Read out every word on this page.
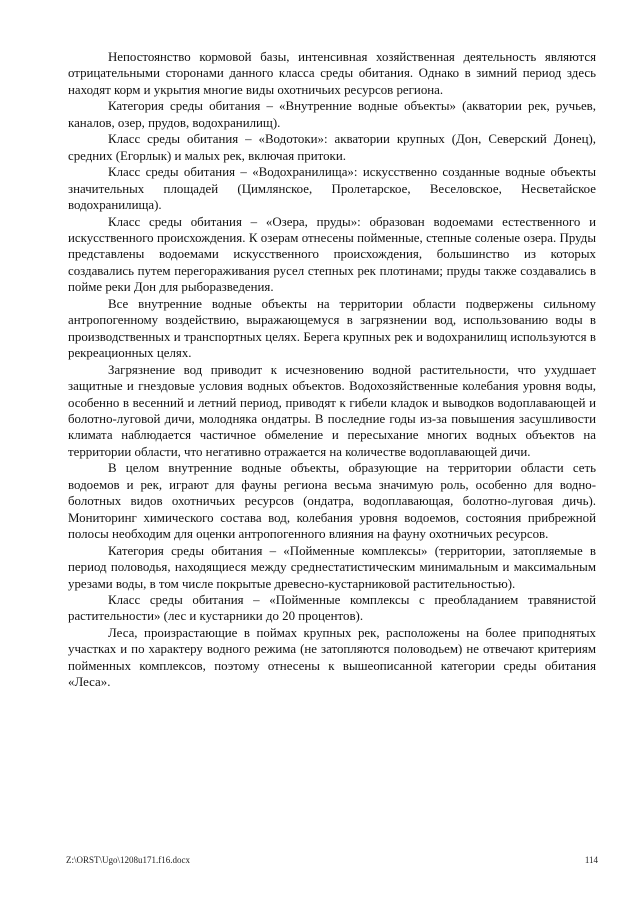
Непостоянство кормовой базы, интенсивная хозяйственная деятельность являются отрицательными сторонами данного класса среды обитания. Однако в зимний период здесь находят корм и укрытия многие виды охотничьих ресурсов региона.

Категория среды обитания – «Внутренние водные объекты» (акватории рек, ручьев, каналов, озер, прудов, водохранилищ).

Класс среды обитания – «Водотоки»: акватории крупных (Дон, Северский Донец), средних (Егорлык) и малых рек, включая притоки.

Класс среды обитания – «Водохранилища»: искусственно созданные водные объекты значительных площадей (Цимлянское, Пролетарское, Веселовское, Несветайское водохранилища).

Класс среды обитания – «Озера, пруды»: образован водоемами естественного и искусственного происхождения. К озерам отнесены пойменные, степные соленые озера. Пруды представлены водоемами искусственного происхождения, большинство из которых создавались путем перегораживания русел степных рек плотинами; пруды также создавались в пойме реки Дон для рыборазведения.

Все внутренние водные объекты на территории области подвержены сильному антропогенному воздействию, выражающемуся в загрязнении вод, использованию воды в производственных и транспортных целях. Берега крупных рек и водохранилищ используются в рекреационных целях.

Загрязнение вод приводит к исчезновению водной растительности, что ухудшает защитные и гнездовые условия водных объектов. Водохозяйственные колебания уровня воды, особенно в весенний и летний период, приводят к гибели кладок и выводков водоплавающей и болотно-луговой дичи, молодняка ондатры. В последние годы из-за повышения засушливости климата наблюдается частичное обмеление и пересыхание многих водных объектов на территории области, что негативно отражается на количестве водоплавающей дичи.

В целом внутренние водные объекты, образующие на территории области сеть водоемов и рек, играют для фауны региона весьма значимую роль, особенно для водно-болотных видов охотничьих ресурсов (ондатра, водоплавающая, болотно-луговая дичь). Мониторинг химического состава вод, колебания уровня водоемов, состояния прибрежной полосы необходим для оценки антропогенного влияния на фауну охотничьих ресурсов.

Категория среды обитания – «Пойменные комплексы» (территории, затопляемые в период половодья, находящиеся между среднестатистическим минимальным и максимальным урезами воды, в том числе покрытые древесно-кустарниковой растительностью).

Класс среды обитания – «Пойменные комплексы с преобладанием травянистой растительности» (лес и кустарники до 20 процентов).

Леса, произрастающие в поймах крупных рек, расположены на более приподнятых участках и по характеру водного режима (не затопляются половодьем) не отвечают критериям пойменных комплексов, поэтому отнесены к вышеописанной категории среды обитания «Леса».

Z:\ORST\Ugo\1208u171.f16.docx	114
